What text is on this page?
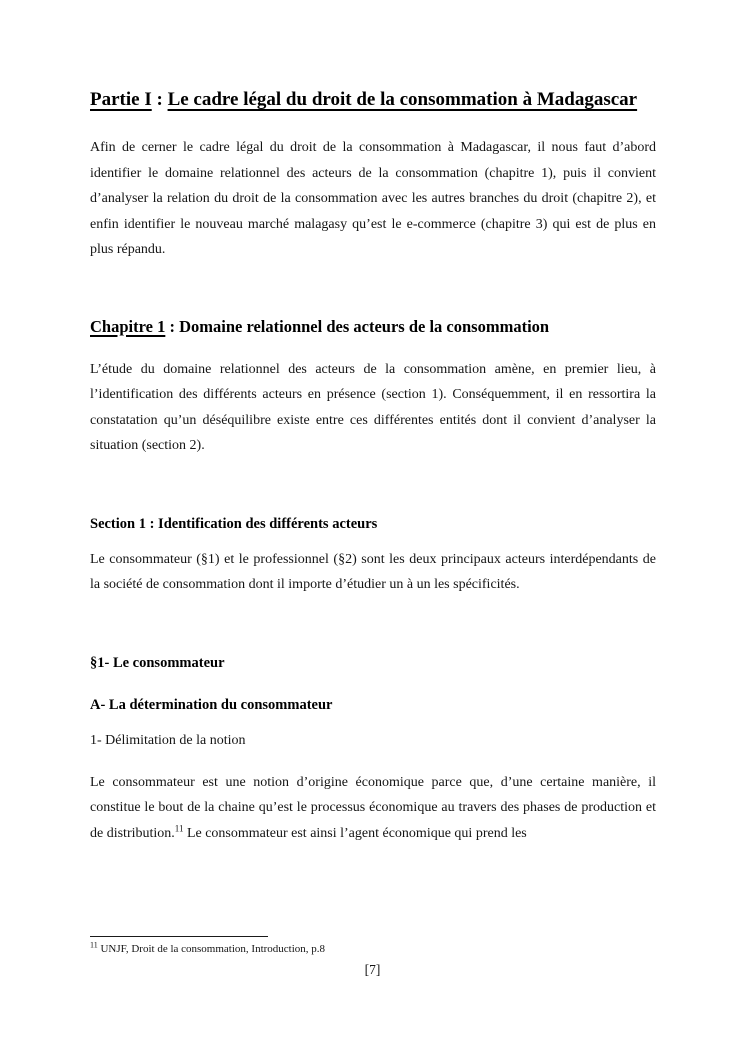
Partie I : Le cadre légal du droit de la consommation à Madagascar

Afin de cerner le cadre légal du droit de la consommation à Madagascar, il nous faut d’abord identifier le domaine relationnel des acteurs de la consommation (chapitre 1), puis il convient d’analyser la relation du droit de la consommation avec les autres branches du droit (chapitre 2), et enfin identifier le nouveau marché malagasy qu’est le e-commerce (chapitre 3) qui est de plus en plus répandu.

Chapitre 1 : Domaine relationnel des acteurs de la consommation

L’étude du domaine relationnel des acteurs de la consommation amène, en premier lieu, à l’identification des différents acteurs en présence (section 1). Conséquemment, il en ressortira la constatation qu’un déséquilibre existe entre ces différentes entités dont il convient d’analyser la situation (section 2).

Section 1 : Identification des différents acteurs

Le consommateur (§1) et le professionnel (§2) sont les deux principaux acteurs interdépendants de la société de consommation dont il importe d’étudier un à un les spécificités.

§1- Le consommateur
A- La détermination du consommateur
1- Délimitation de la notion

Le consommateur est une notion d’origine économique parce que, d’une certaine manière, il constitue le bout de la chaine qu’est le processus économique au travers des phases de production et de distribution.$^{11}$ Le consommateur est ainsi l’agent économique qui prend les

$^{11}$ UNJF, Droit de la consommation, Introduction, p.8
[7]
